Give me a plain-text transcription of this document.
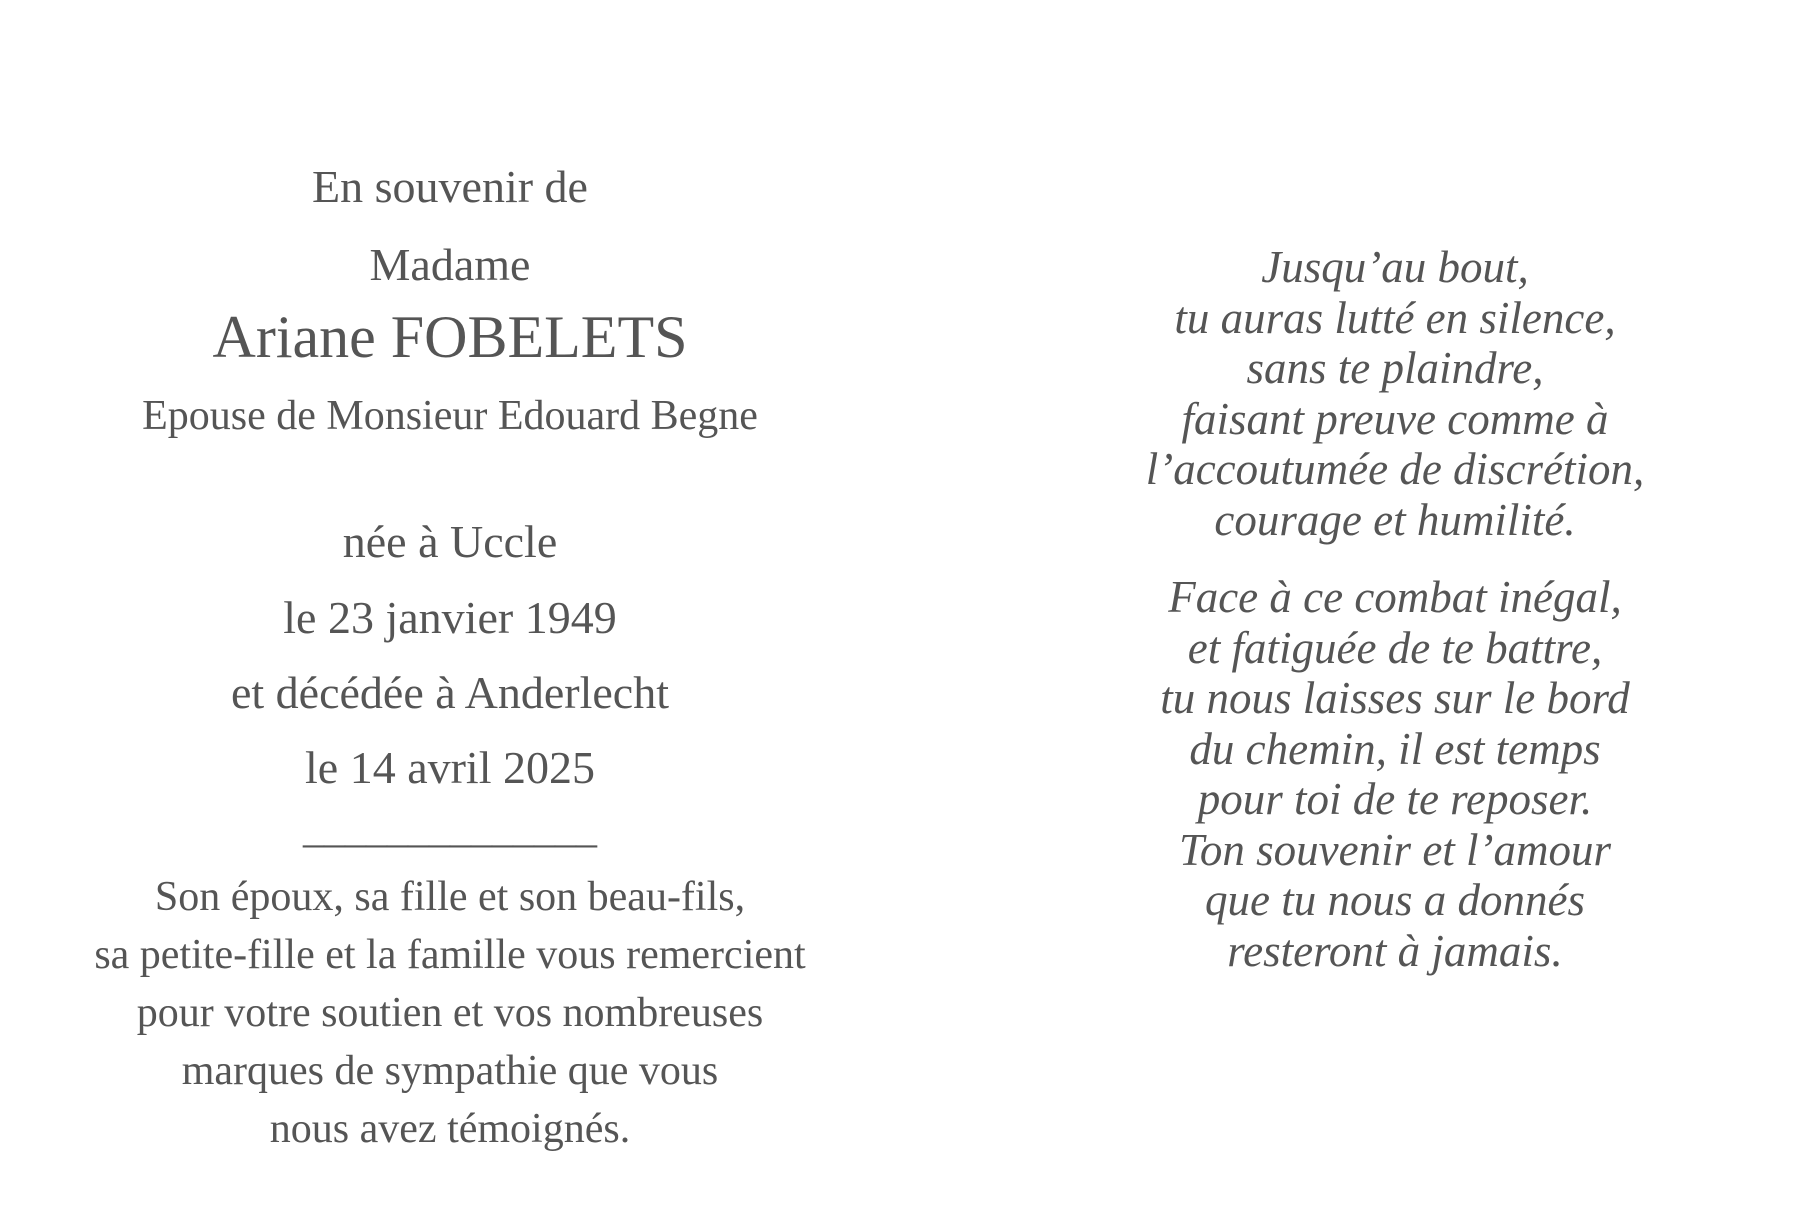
En souvenir de
Madame
Ariane FOBELETS
Epouse de Monsieur Edouard Begne
née à Uccle
le 23 janvier 1949
et décédée à Anderlecht
le 14 avril 2025
______________
Son époux, sa fille et son beau-fils,
sa petite-fille et la famille vous remercient
pour votre soutien et vos nombreuses
marques de sympathie que vous
nous avez témoignés.
Jusqu’au bout,
tu auras lutté en silence,
sans te plaindre,
faisant preuve comme à
l’accoutumée de discrétion,
courage et humilité.
Face à ce combat inégal,
et fatiguée de te battre,
tu nous laisses sur le bord
du chemin, il est temps
pour toi de te reposer.
Ton souvenir et l’amour
que tu nous a donnés
resteront à jamais.
